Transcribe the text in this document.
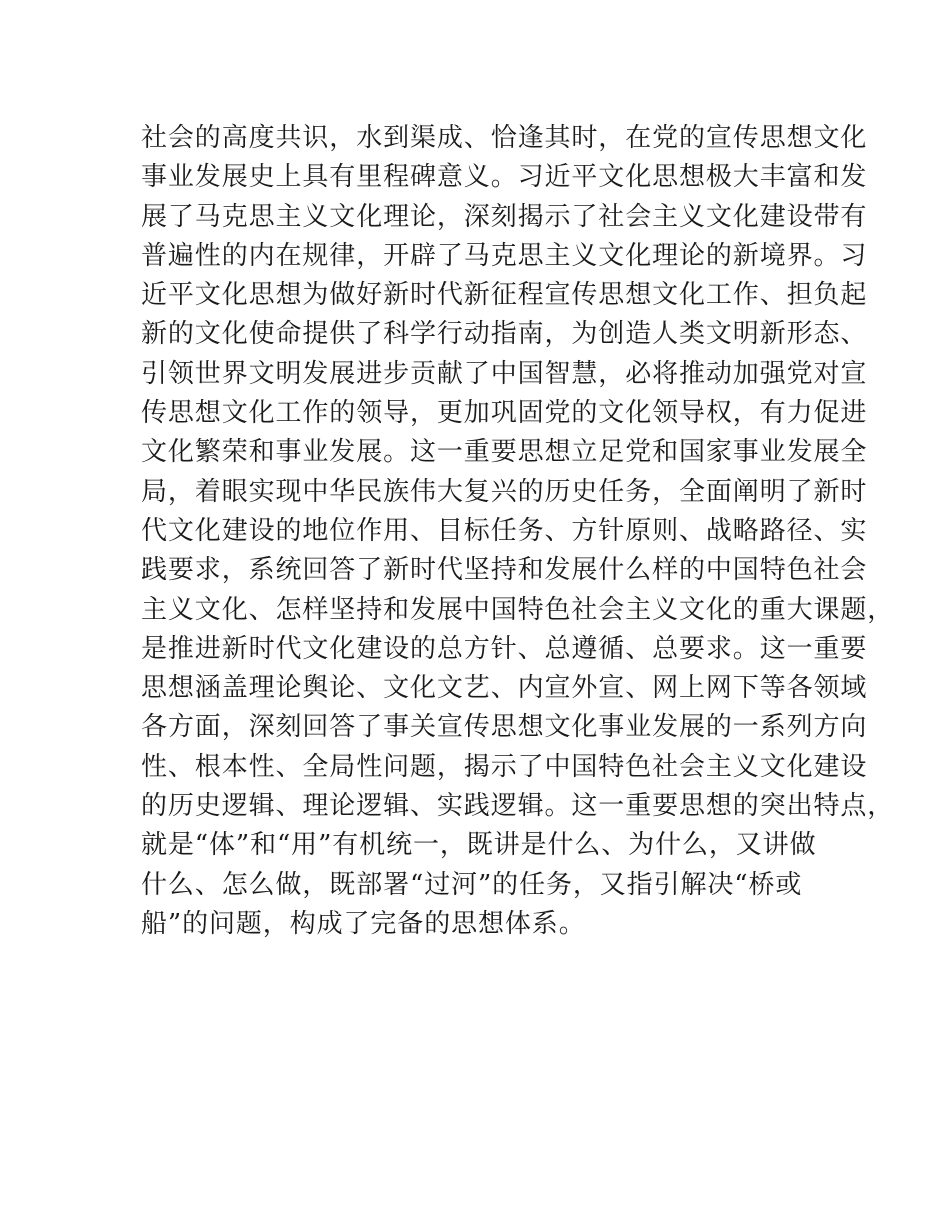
社会的高度共识，水到渠成、恰逢其时，在党的宣传思想文化
事业发展史上具有里程碑意义。习近平文化思想极大丰富和发
展了马克思主义文化理论，深刻揭示了社会主义文化建设带有
普遍性的内在规律，开辟了马克思主义文化理论的新境界。习
近平文化思想为做好新时代新征程宣传思想文化工作、担负起
新的文化使命提供了科学行动指南，为创造人类文明新形态、
引领世界文明发展进步贡献了中国智慧，必将推动加强党对宣
传思想文化工作的领导，更加巩固党的文化领导权，有力促进
文化繁荣和事业发展。这一重要思想立足党和国家事业发展全
局，着眼实现中华民族伟大复兴的历史任务，全面阐明了新时
代文化建设的地位作用、目标任务、方针原则、战略路径、实
践要求，系统回答了新时代坚持和发展什么样的中国特色社会
主义文化、怎样坚持和发展中国特色社会主义文化的重大课题，
是推进新时代文化建设的总方针、总遵循、总要求。这一重要
思想涵盖理论舆论、文化文艺、内宣外宣、网上网下等各领域
各方面，深刻回答了事关宣传思想文化事业发展的一系列方向
性、根本性、全局性问题，揭示了中国特色社会主义文化建设
的历史逻辑、理论逻辑、实践逻辑。这一重要思想的突出特点，
就是“体”和“用”有机统一，既讲是什么、为什么，又讲做
什么、怎么做，既部署“过河”的任务，又指引解决“桥或
船”的问题，构成了完备的思想体系。
